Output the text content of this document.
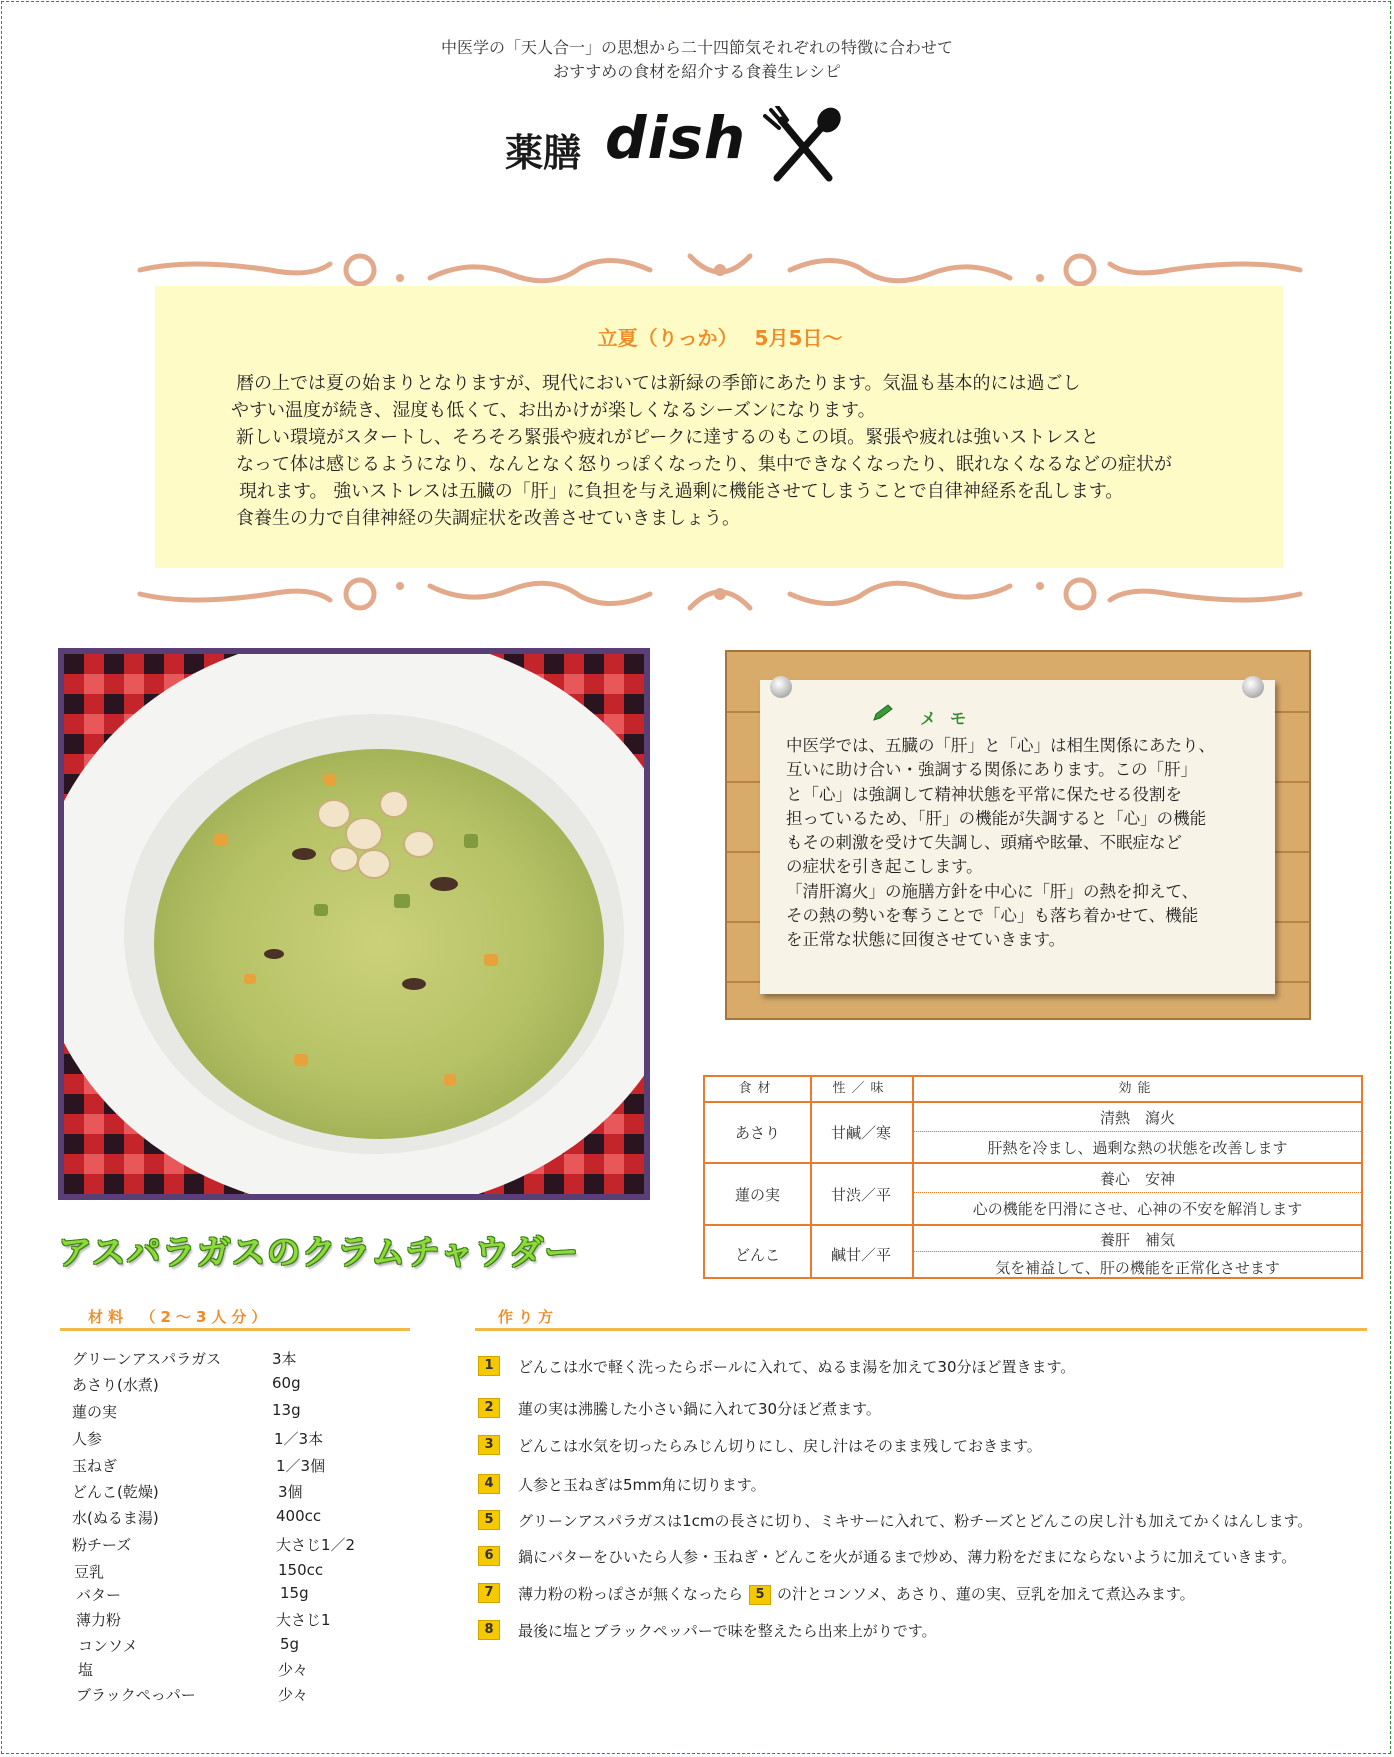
中医学の「天人合一」の思想から二十四節気それぞれの特徴に合わせて
おすすめの食材を紹介する食養生レシピ
薬膳 dish
立夏（りっか）　 5月5日～

暦の上では夏の始まりとなりますが、現代においては新緑の季節にあたります。気温も基本的には過ごし

やすい温度が続き、湿度も低くて、お出かけが楽しくなるシーズンになります。

新しい環境がスタートし、そろそろ緊張や疲れがピークに達するのもこの頃。緊張や疲れは強いストレスと

なって体は感じるようになり、なんとなく怒りっぽくなったり、集中できなくなったり、眠れなくなるなどの症状が

現れます。 強いストレスは五臓の「肝」に負担を与え過剰に機能させてしまうことで自律神経系を乱します。

食養生の力で自律神経の失調症状を改善させていきましょう。

メモ

中医学では、五臓の「肝」と「心」は相生関係にあたり、

互いに助け合い・強調する関係にあります。この「肝」

と「心」は強調して精神状態を平常に保たせる役割を

担っているため、「肝」の機能が失調すると「心」の機能

もその刺激を受けて失調し、頭痛や眩暈、不眠症など

の症状を引き起こします。

「清肝瀉火」の施膳方針を中心に「肝」の熱を抑えて、

その熱の勢いを奪うことで「心」も落ち着かせて、機能

を正常な状態に回復させていきます。

食材	性／味	効能
あさり	甘鹹／寒
清熱　瀉火
肝熱を冷まし、過剰な熱の状態を改善します
蓮の実	甘渋／平
養心　安神
心の機能を円滑にさせ、心神の不安を解消します
どんこ	鹹甘／平
養肝　補気
気を補益して、肝の機能を正常化させます
アスパラガスのクラムチャウダー
材料　（2～3人分）
グリーンアスパラガス	3本
あさり(水煮)	60g
蓮の実	13g
人参	1／3本
玉ねぎ	1／3個
どんこ(乾燥)	3個
水(ぬるま湯)	400cc
粉チーズ	大さじ1／2
豆乳	150cc
バター	15g
薄力粉	大さじ1
コンソメ	5g
塩	少々
ブラックぺっパー	少々
作り方
1	どんこは水で軽く洗ったらボールに入れて、ぬるま湯を加えて30分ほど置きます。
2	蓮の実は沸騰した小さい鍋に入れて30分ほど煮ます。
3	どんこは水気を切ったらみじん切りにし、戻し汁はそのまま残しておきます。
4	人参と玉ねぎは5mm角に切ります。
5	グリーンアスパラガスは1cmの長さに切り、ミキサーに入れて、粉チーズとどんこの戻し汁も加えてかくはんします。
6	鍋にバターをひいたら人参・玉ねぎ・どんこを火が通るまで炒め、薄力粉をだまにならないように加えていきます。
7	薄力粉の粉っぽさが無くなったら 5 の汁とコンソメ、あさり、蓮の実、豆乳を加えて煮込みます。
8	最後に塩とブラックペッパーで味を整えたら出来上がりです。
